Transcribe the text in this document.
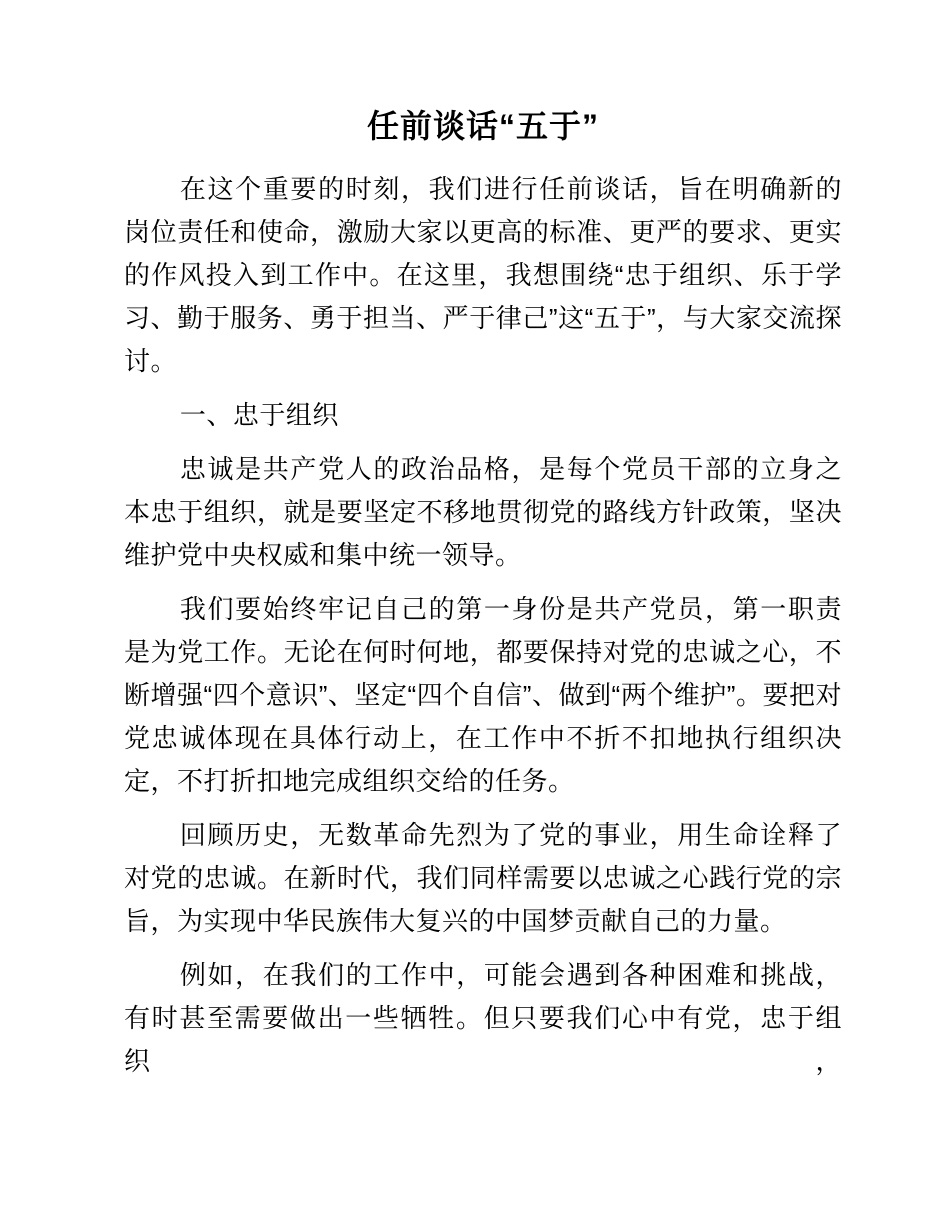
任前谈话“五于”

在这个重要的时刻，我们进行任前谈话，旨在明确新的岗位责任和使命，激励大家以更高的标准、更严的要求、更实的作风投入到工作中。在这里，我想围绕“忠于组织、乐于学习、勤于服务、勇于担当、严于律己”这“五于”，与大家交流探讨。

一、忠于组织

忠诚是共产党人的政治品格，是每个党员干部的立身之本忠于组织，就是要坚定不移地贯彻党的路线方针政策，坚决维护党中央权威和集中统一领导。

我们要始终牢记自己的第一身份是共产党员，第一职责是为党工作。无论在何时何地，都要保持对党的忠诚之心，不断增强“四个意识”、坚定“四个自信”、做到“两个维护”。要把对党忠诚体现在具体行动上，在工作中不折不扣地执行组织决定，不打折扣地完成组织交给的任务。

回顾历史，无数革命先烈为了党的事业，用生命诠释了对党的忠诚。在新时代，我们同样需要以忠诚之心践行党的宗旨，为实现中华民族伟大复兴的中国梦贡献自己的力量。

例如，在我们的工作中，可能会遇到各种困难和挑战，有时甚至需要做出一些牺牲。但只要我们心中有党，忠于组织，
